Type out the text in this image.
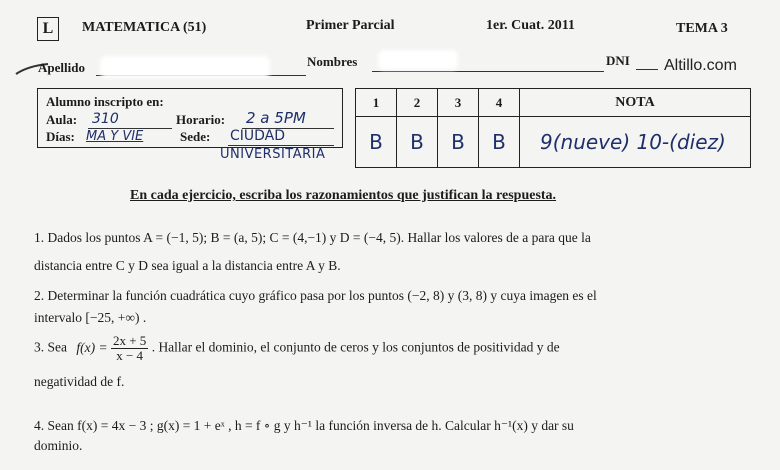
L	MATEMATICA (51)	Primer Parcial	1er. Cuat. 2011	TEMA 3
Apellido	Nombres	DNI Altillo.com
Alumno inscripto en:
Aula: 310	Horario: 2 a 5PM
Días: MA Y VIE	Sede: CIUDAD
UNIVERSITARIA
1	2	3	4	NOTA
B	B	B	B	9(nueve) 10-(diez)
En cada ejercicio, escriba los razonamientos que justifican la respuesta.
1. Dados los puntos A = (−1, 5); B = (a, 5); C = (4,−1) y D = (−4, 5). Hallar los valores de a para que la
distancia entre C y D sea igual a la distancia entre A y B.
2. Determinar la función cuadrática cuyo gráfico pasa por los puntos (−2, 8) y (3, 8) y cuya imagen es el
intervalo [−25, +∞) .
3. Sea $f(x) = \frac{2x + 5}{x - 4}$ . Hallar el dominio, el conjunto de ceros y los conjuntos de positividad y de
negatividad de f.
4. Sean f(x) = 4x − 3 ; g(x) = 1 + eˣ , h = f ∘ g y h⁻¹ la función inversa de h. Calcular h⁻¹(x) y dar su
dominio.
